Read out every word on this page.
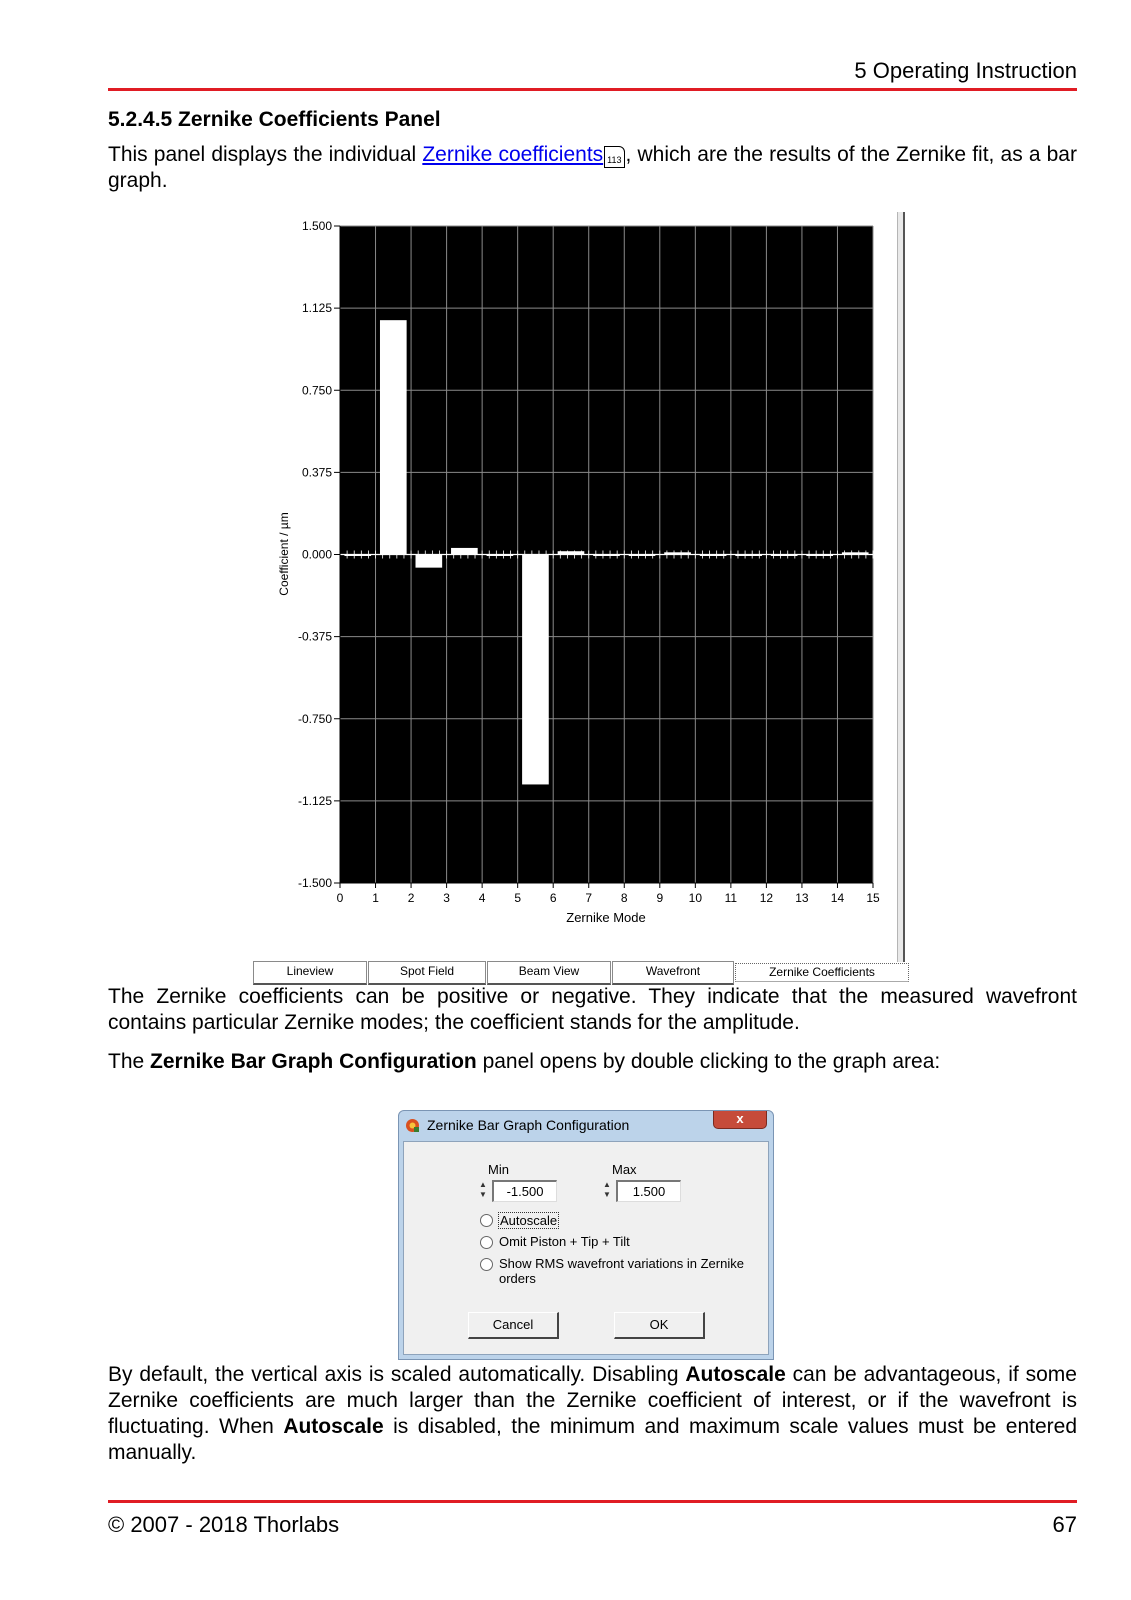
5 Operating Instruction
5.2.4.5 Zernike Coefficients Panel
This panel displays the individual Zernike coefficients 113 , which are the results of the Zernike fit, as a bar graph.
1.500
1.125
0.750
0.375
0.000
-0.375
-0.750
-1.125
-1.500
0 1 2 3 4 5 6 7 8 9 10 11 12 13 14 15
Coefficient / µm
Zernike Mode
Lineview	Spot Field	Beam View	Wavefront	Zernike Coefficients
The Zernike coefficients can be positive or negative. They indicate that the measured wavefront contains particular Zernike modes; the coefficient stands for the amplitude.
The Zernike Bar Graph Configuration panel opens by double clicking to the graph area:
Zernike Bar Graph Configuration	x
Min
▲
▼	-1.500
Max
▲
▼	1.500
Autoscale
Omit Piston + Tip + Tilt
Show RMS wavefront variations in Zernike orders
Cancel	OK
By default, the vertical axis is scaled automatically. Disabling Autoscale can be advantageous, if some Zernike coefficients are much larger than the Zernike coefficient of interest, or if the wavefront is fluctuating. When Autoscale is disabled, the minimum and maximum scale values must be entered manually.
© 2007 - 2018 Thorlabs	67
